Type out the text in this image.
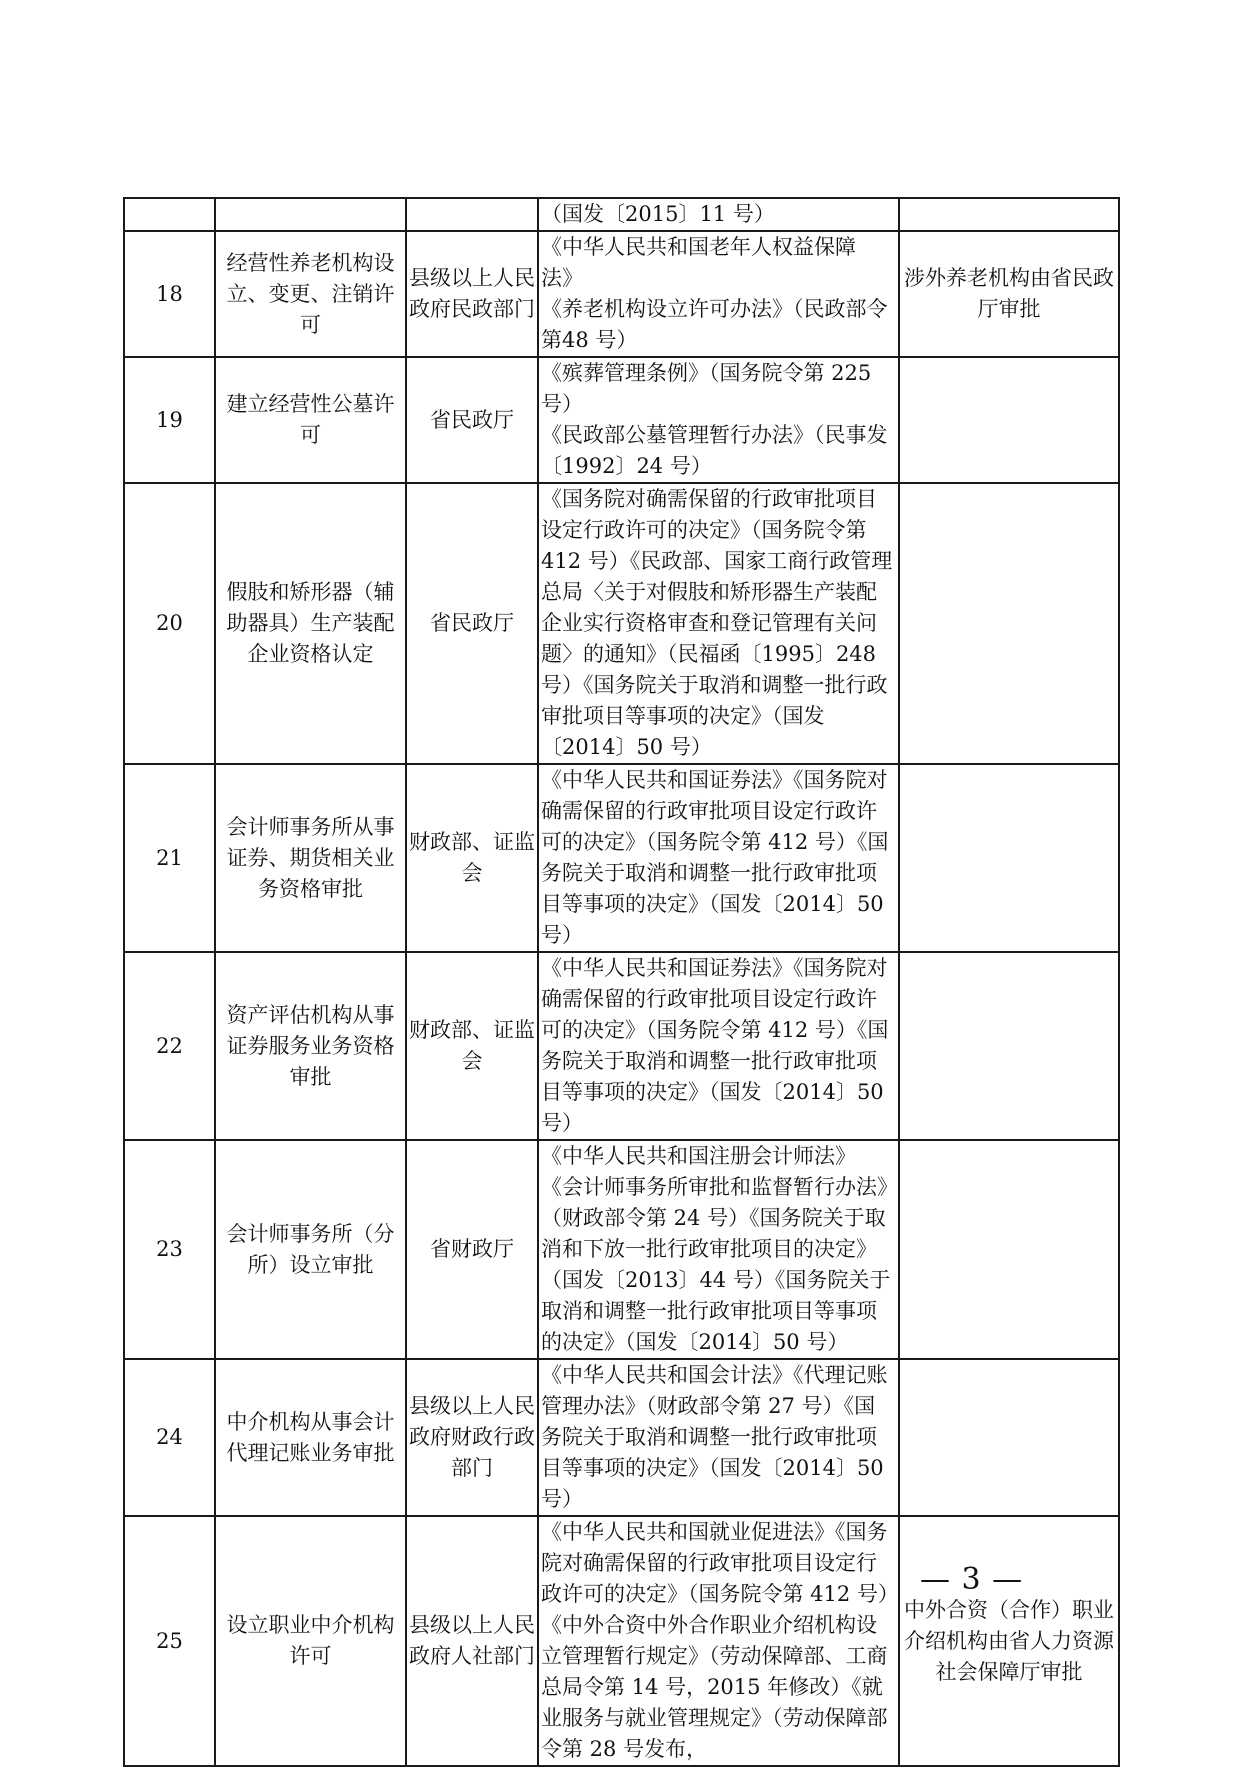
			（国发〔2015〕11 号）	
18	经营性养老机构设立、变更、注销许可	县级以上人民政府民政部门	《中华人民共和国老年人权益保障法》
《养老机构设立许可办法》（民政部令第48 号）	涉外养老机构由省民政厅审批
19	建立经营性公墓许可	省民政厅	《殡葬管理条例》（国务院令第 225 号）
《民政部公墓管理暂行办法》（民事发〔1992〕24 号）	
20	假肢和矫形器（辅助器具）生产装配企业资格认定	省民政厅	《国务院对确需保留的行政审批项目设定行政许可的决定》（国务院令第 412 号）《民政部、国家工商行政管理总局〈关于对假肢和矫形器生产装配企业实行资格审查和登记管理有关问题〉的通知》（民福函〔1995〕248 号）《国务院关于取消和调整一批行政审批项目等事项的决定》（国发〔2014〕50 号）	
21	会计师事务所从事证券、期货相关业务资格审批	财政部、证监会	《中华人民共和国证券法》《国务院对确需保留的行政审批项目设定行政许可的决定》（国务院令第 412 号）《国务院关于取消和调整一批行政审批项目等事项的决定》（国发〔2014〕50 号）	
22	资产评估机构从事证券服务业务资格审批	财政部、证监会	《中华人民共和国证券法》《国务院对确需保留的行政审批项目设定行政许可的决定》（国务院令第 412 号）《国务院关于取消和调整一批行政审批项目等事项的决定》（国发〔2014〕50 号）	
23	会计师事务所（分所）设立审批	省财政厅	《中华人民共和国注册会计师法》
《会计师事务所审批和监督暂行办法》（财政部令第 24 号）《国务院关于取消和下放一批行政审批项目的决定》（国发〔2013〕44 号）《国务院关于取消和调整一批行政审批项目等事项的决定》（国发〔2014〕50 号）	
24	中介机构从事会计代理记账业务审批	县级以上人民政府财政行政部门	《中华人民共和国会计法》《代理记账管理办法》（财政部令第 27 号）《国务院关于取消和调整一批行政审批项目等事项的决定》（国发〔2014〕50 号）	
25	设立职业中介机构许可	县级以上人民政府人社部门	《中华人民共和国就业促进法》《国务院对确需保留的行政审批项目设定行政许可的决定》（国务院令第 412 号）《中外合资中外合作职业介绍机构设立管理暂行规定》（劳动保障部、工商总局令第 14 号，2015 年修改）《就业服务与就业管理规定》（劳动保障部令第 28 号发布，	中外合资（合作）职业介绍机构由省人力资源社会保障厅审批
— 3 —
